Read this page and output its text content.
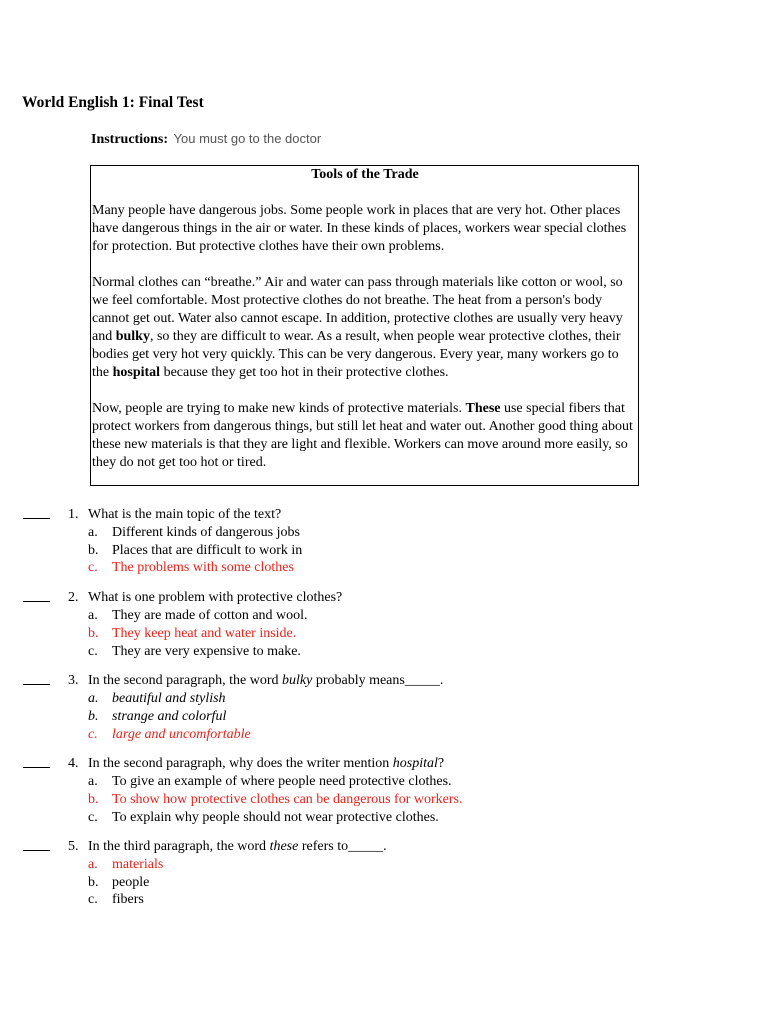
World English 1: Final Test
Instructions: You must go to the doctor
Tools of the Trade

Many people have dangerous jobs. Some people work in places that are very hot. Other places have dangerous things in the air or water. In these kinds of places, workers wear special clothes for protection. But protective clothes have their own problems.

Normal clothes can “breathe.” Air and water can pass through materials like cotton or wool, so we feel comfortable. Most protective clothes do not breathe. The heat from a person's body cannot get out. Water also cannot escape. In addition, protective clothes are usually very heavy and bulky, so they are difficult to wear. As a result, when people wear protective clothes, their bodies get very hot very quickly. This can be very dangerous. Every year, many workers go to the hospital because they get too hot in their protective clothes.

Now, people are trying to make new kinds of protective materials. These use special fibers that protect workers from dangerous things, but still let heat and water out. Another good thing about these new materials is that they are light and flexible. Workers can move around more easily, so they do not get too hot or tired.

1. What is the main topic of the text?
a. Different kinds of dangerous jobs
b. Places that are difficult to work in
c. The problems with some clothes
2. What is one problem with protective clothes?
a. They are made of cotton and wool.
b. They keep heat and water inside.
c. They are very expensive to make.
3. In the second paragraph, the word bulky probably means_____.
a. beautiful and stylish
b. strange and colorful
c. large and uncomfortable
4. In the second paragraph, why does the writer mention hospital?
a. To give an example of where people need protective clothes.
b. To show how protective clothes can be dangerous for workers.
c. To explain why people should not wear protective clothes.
5. In the third paragraph, the word these refers to_____.
a. materials
b. people
c. fibers
